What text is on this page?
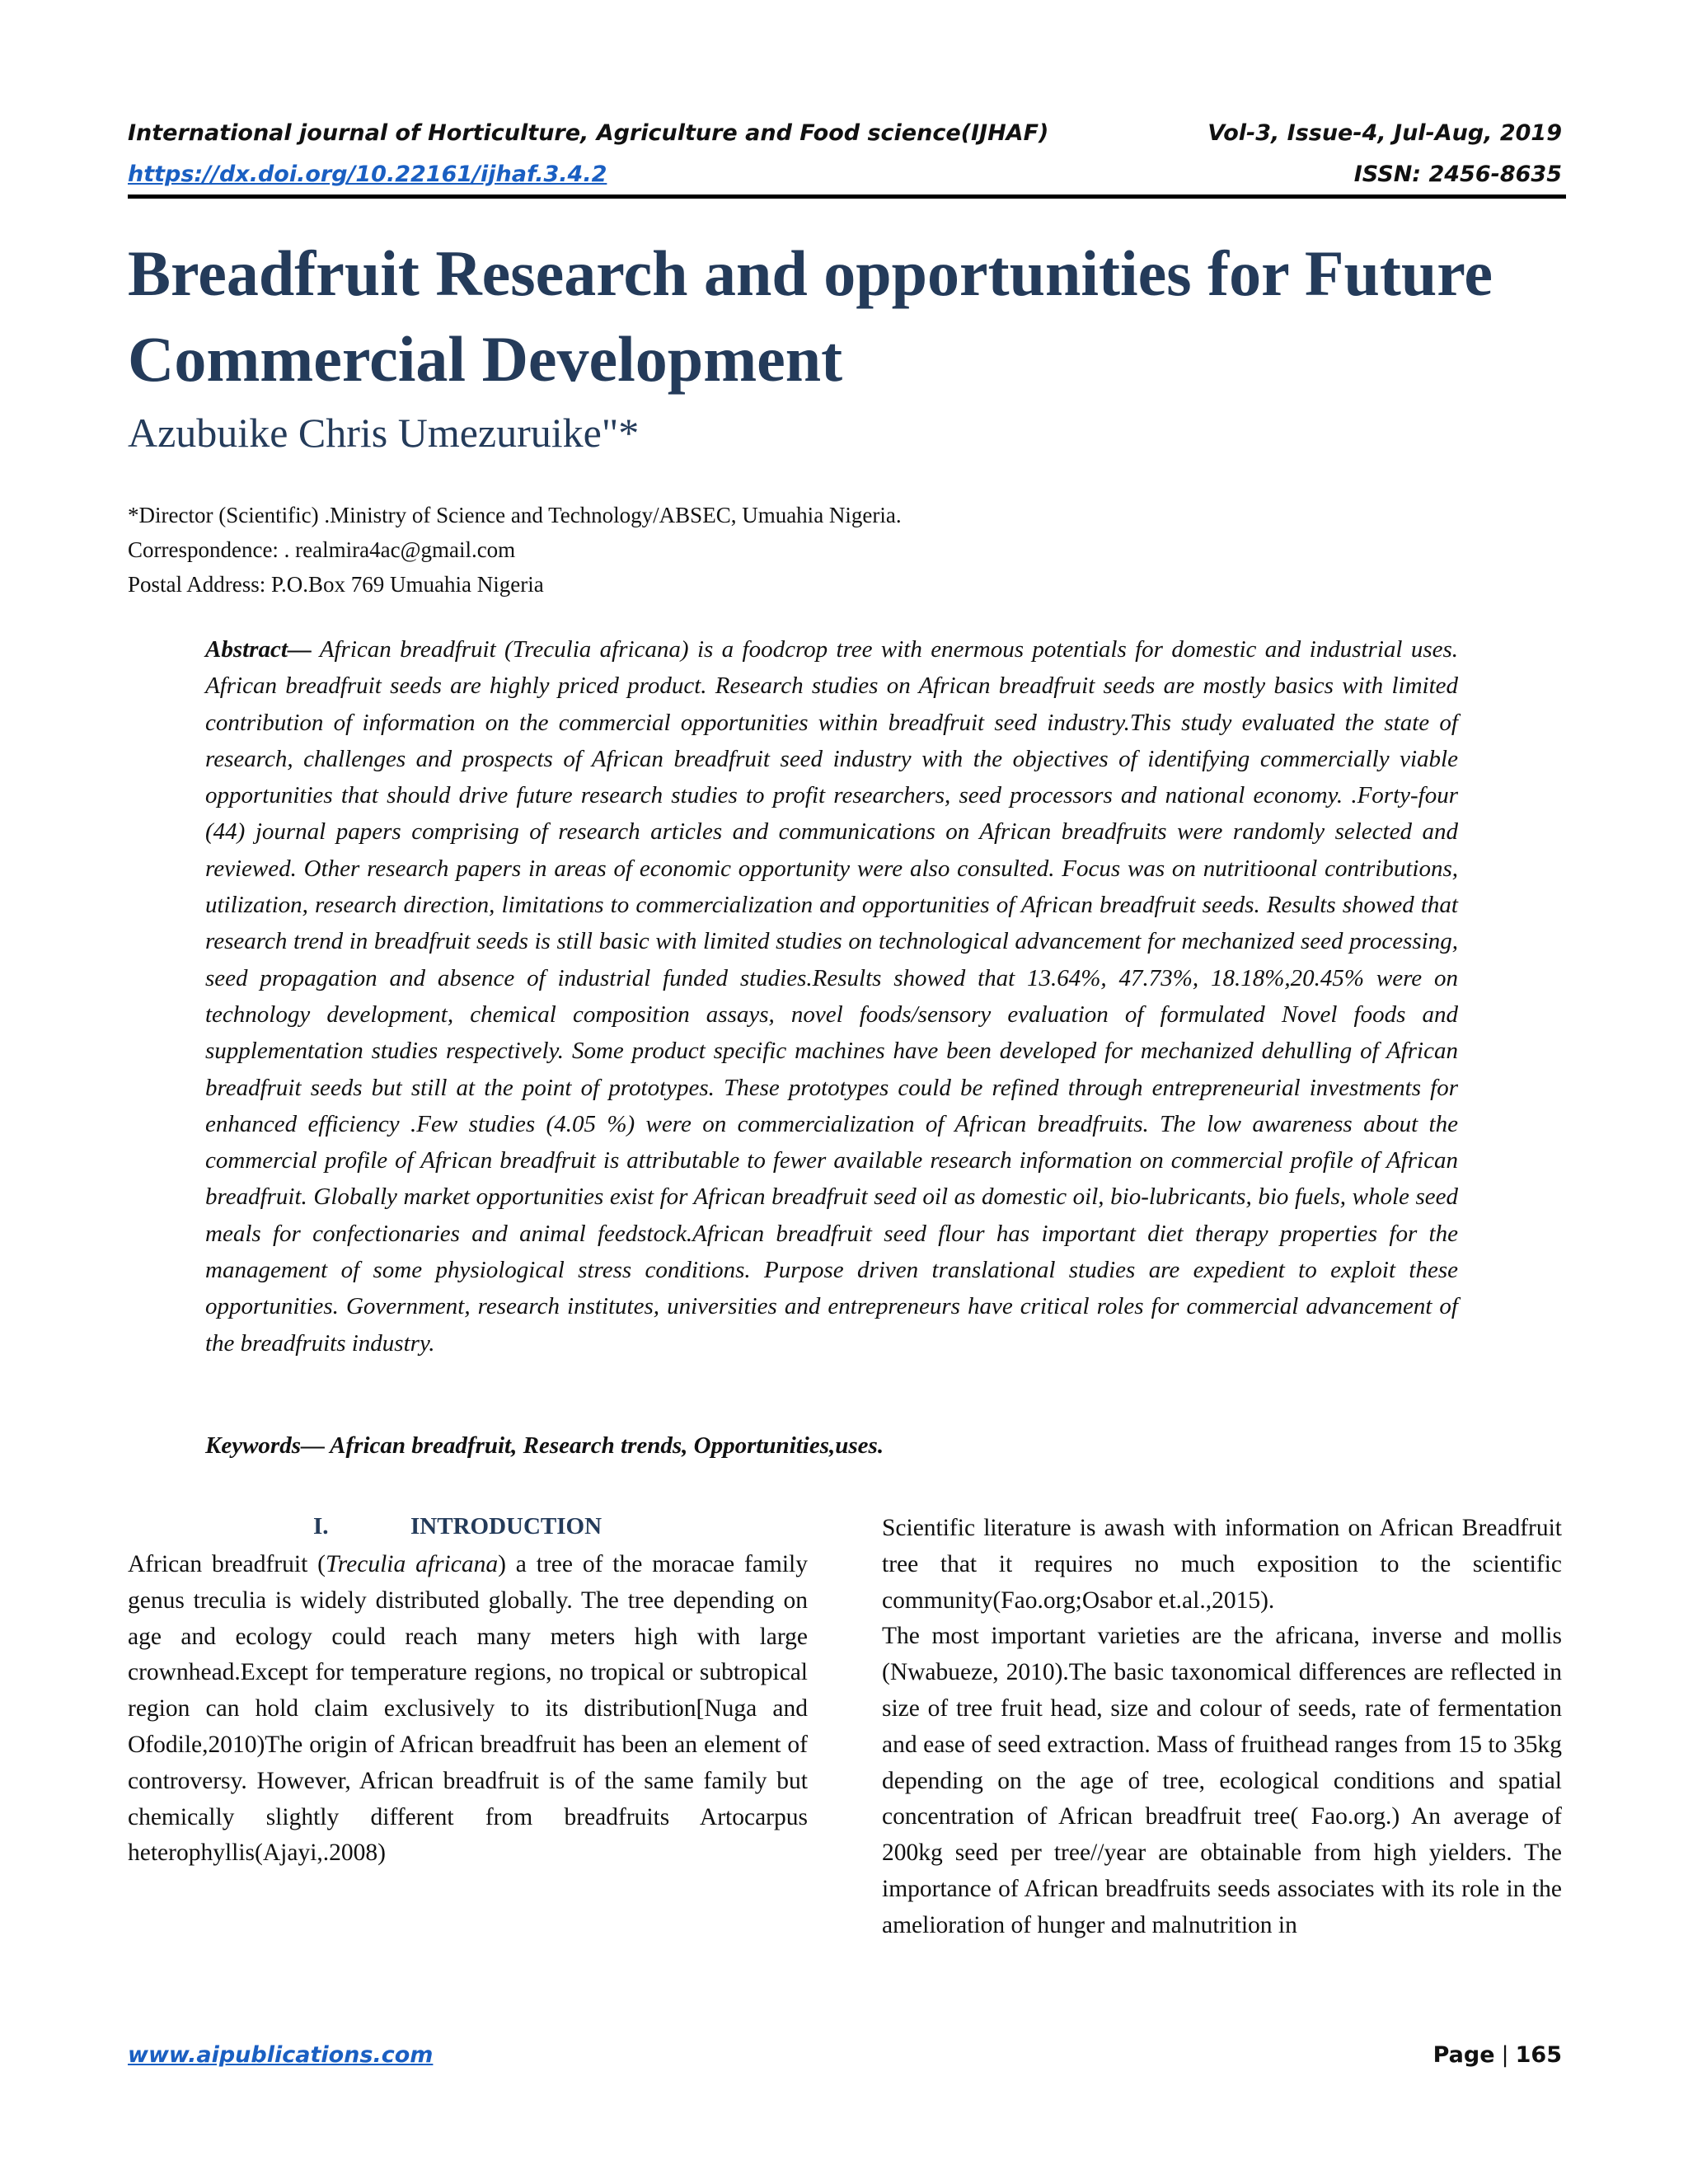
International journal of Horticulture, Agriculture and Food science(IJHAF)	Vol-3, Issue-4, Jul-Aug, 2019
https://dx.doi.org/10.22161/ijhaf.3.4.2	ISSN: 2456-8635
Breadfruit Research and opportunities for Future Commercial Development
Azubuike Chris Umezuruike"*
*Director (Scientific) .Ministry of Science and Technology/ABSEC, Umuahia Nigeria.
Correspondence: . realmira4ac@gmail.com
Postal Address: P.O.Box 769 Umuahia Nigeria
Abstract— African breadfruit (Treculia africana) is a foodcrop tree with enermous potentials for domestic and industrial uses. African breadfruit seeds are highly priced product. Research studies on African breadfruit seeds are mostly basics with limited contribution of information on the commercial opportunities within breadfruit seed industry.This study evaluated the state of research, challenges and prospects of African breadfruit seed industry with the objectives of identifying commercially viable opportunities that should drive future research studies to profit researchers, seed processors and national economy. .Forty-four (44) journal papers comprising of research articles and communications on African breadfruits were randomly selected and reviewed. Other research papers in areas of economic opportunity were also consulted. Focus was on nutritioonal contributions, utilization, research direction, limitations to commercialization and opportunities of African breadfruit seeds. Results showed that research trend in breadfruit seeds is still basic with limited studies on technological advancement for mechanized seed processing, seed propagation and absence of industrial funded studies.Results showed that 13.64%, 47.73%, 18.18%,20.45% were on technology development, chemical composition assays, novel foods/sensory evaluation of formulated Novel foods and supplementation studies respectively. Some product specific machines have been developed for mechanized dehulling of African breadfruit seeds but still at the point of prototypes. These prototypes could be refined through entrepreneurial investments for enhanced efficiency .Few studies (4.05 %) were on commercialization of African breadfruits. The low awareness about the commercial profile of African breadfruit is attributable to fewer available research information on commercial profile of African breadfruit. Globally market opportunities exist for African breadfruit seed oil as domestic oil, bio-lubricants, bio fuels, whole seed meals for confectionaries and animal feedstock.African breadfruit seed flour has important diet therapy properties for the management of some physiological stress conditions. Purpose driven translational studies are expedient to exploit these opportunities. Government, research institutes, universities and entrepreneurs have critical roles for commercial advancement of the breadfruits industry.
Keywords— African breadfruit, Research trends, Opportunities,uses.
I.	INTRODUCTION

African breadfruit (Treculia africana) a tree of the moracae family genus treculia is widely distributed globally. The tree depending on age and ecology could reach many meters high with large crownhead.Except for temperature regions, no tropical or subtropical region can hold claim exclusively to its distribution[Nuga and Ofodile,2010)The origin of African breadfruit has been an element of controversy. However, African breadfruit is of the same family but chemically slightly different from breadfruits Artocarpus heterophyllis(Ajayi,.2008)

Scientific literature is awash with information on African Breadfruit tree that it requires no much exposition to the scientific community(Fao.org;Osabor et.al.,2015).

The most important varieties are the africana, inverse and mollis (Nwabueze, 2010).The basic taxonomical differences are reflected in size of tree fruit head, size and colour of seeds, rate of fermentation and ease of seed extraction. Mass of fruithead ranges from 15 to 35kg depending on the age of tree, ecological conditions and spatial concentration of African breadfruit tree( Fao.org.) An average of 200kg seed per tree//year are obtainable from high yielders. The importance of African breadfruits seeds associates with its role in the amelioration of hunger and malnutrition in

www.aipublications.com	Page | 165
